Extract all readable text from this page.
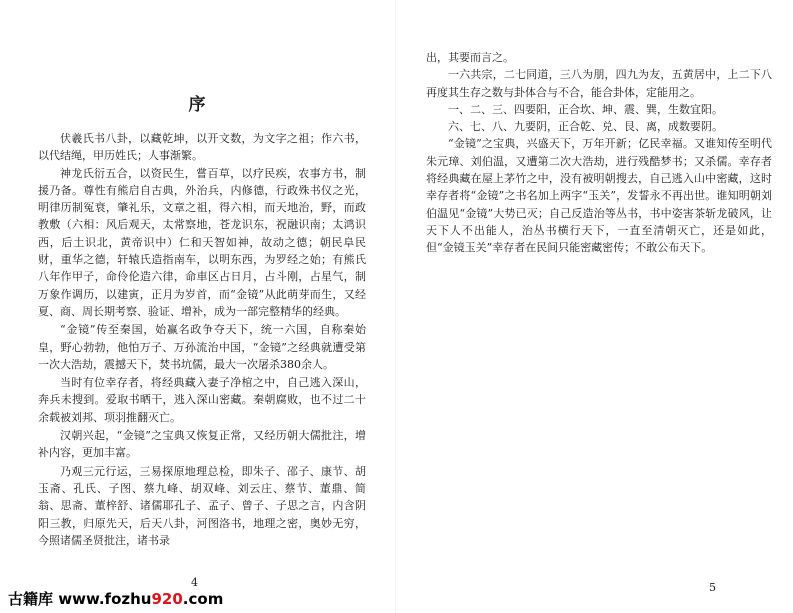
序

伏羲氏书八卦，以藏乾坤，以开文数，为文字之祖；作六书，以代结绳，甲历姓氏；人事渐繁。

神龙氏衍五合，以资民生，嘗百草，以疗民疾，农事方书，制援乃备。尊性有熊启自古典，外治兵，内修德，行政殊书仪之光，明律历制冤衰，肇礼乐，文章之祖，得六相，而天地治，野，而政教敷（六相：风后观天，太常察地，苍龙识东，祝融识南；太鸿识西，后土识北，黄帝识中）仁和天智如神，故动之德；朝民阜民财，重华之德，轩辕氏造指南车，以明东西，为罗经之始；有熊氏八年作甲子，命伶伦造六律，命車区占日月，占斗刚，占星气，制万象作调历，以建寅，正月为岁首，而“金镜”从此萌芽而生，又经夏、商、周长期考察、验证、增补，成为一部完整精华的经典。

“金镜”传至秦国，始赢名政争夺天下，统一六国，自称秦始皇，野心勃勃，他怕万子、万孙流治中国，“金镜”之经典就遭受第一次大浩劫，震撼天下，焚书坑儒，最大一次屠杀380余人。

当时有位幸存者，将经典藏入妻子净棺之中，自己逃入深山，奔兵未搜到。爱取书晒干，逃入深山密藏。秦朝腐败，也不过二十余载被刘邦、项羽推翻灭亡。

汉朝兴起，“金镜”之宝典又恢复正常，又经历朝大儒批注，增补内容，更加丰富。

乃观三元行运，三易探原地理总检，即朱子、邵子、康节、胡玉斋、孔氏、子图、蔡九峰、胡双峰、刘云庄、蔡节、董鼎、简翁、思斋、董梓舒、诸儒耶孔子、孟子、曾子、子思之言，内含阴阳三教，归原先天，后天八卦，河图洛书，地理之密，奥妙无穷，今照诸儒圣贤批注，诸书录

4

出，其要而言之。

一六共宗，二七同道，三八为朋，四九为友，五黄居中，上二下八再度其生存之数与卦体合与不合，能合卦体，定能用之。

一、二、三、四要阳，正合坎、坤、震、巽，生数宜阳。

六、七、八、九要阴，正合乾、兑、艮、离，成数要阴。

“金镜”之宝典，兴盛天下，万年开新；亿民幸福。又谁知传至明代朱元璋、刘伯温，又遭第二次大浩劫，进行残酷梦书；又杀儒。幸存者将经典藏在屋上茅竹之中，没有被明朝搜去，自己逃入山中密藏，这时幸存者将“金镜”之书名加上两字“玉关”，发誓永不再出世。谁知明朝刘伯温见“金镜”大势已灭；自己反造治等丛书，书中姿害茶斩龙破风，让天下人不出能人，治丛书横行天下，一直至清朝灭亡，还是如此，但“金镜玉关”幸存者在民间只能密藏密传；不敢公布天下。

5
古籍库 www.fozhu920.com
